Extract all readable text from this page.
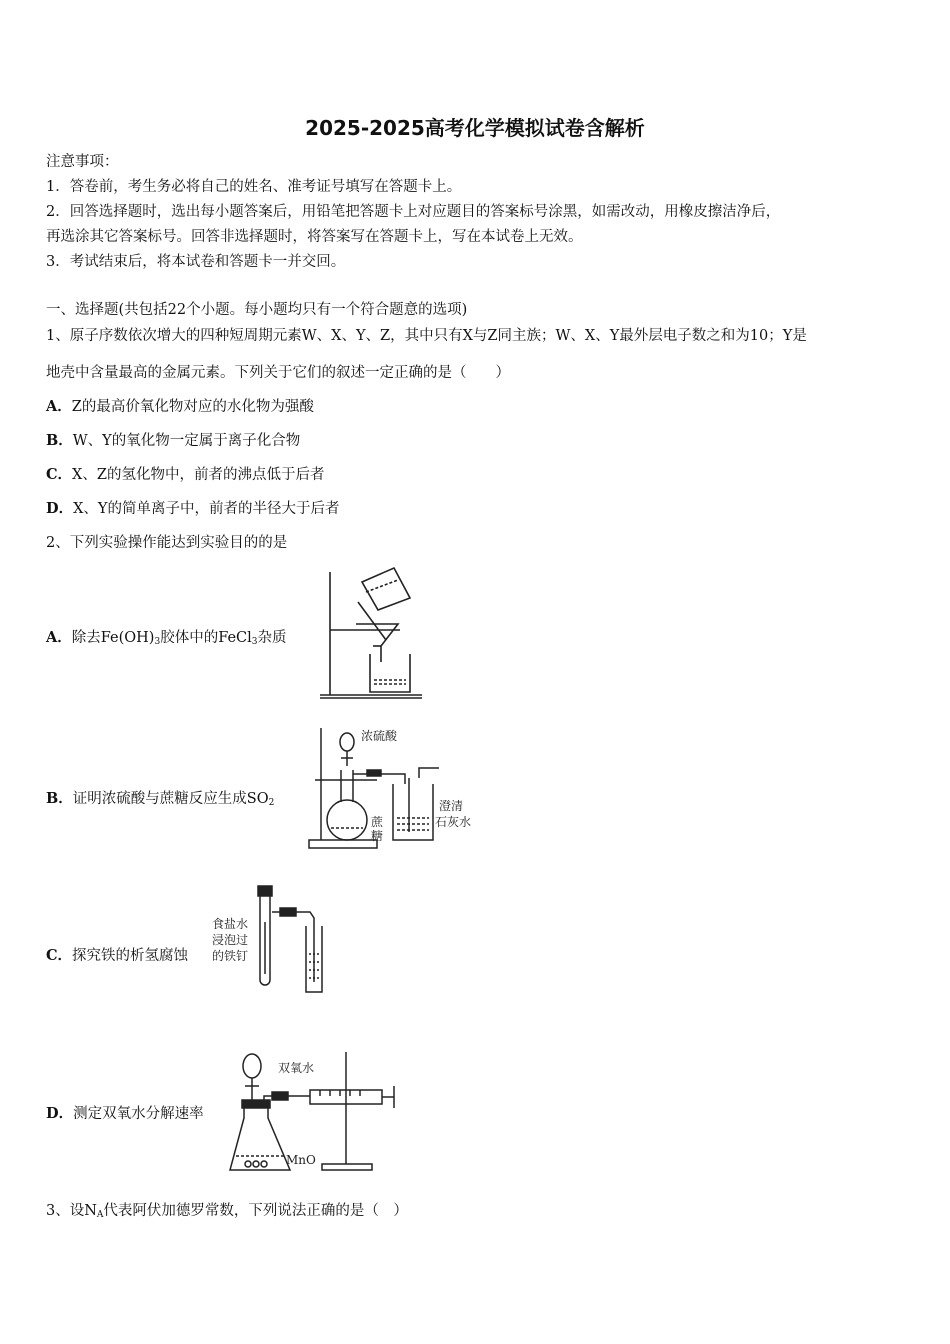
2025-2025高考化学模拟试卷含解析
注意事项：
1．答卷前，考生务必将自己的姓名、准考证号填写在答题卡上。
2．回答选择题时，选出每小题答案后，用铅笔把答题卡上对应题目的答案标号涂黑，如需改动，用橡皮擦洁净后，
再选涂其它答案标号。回答非选择题时，将答案写在答题卡上，写在本试卷上无效。
3．考试结束后，将本试卷和答题卡一并交回。
一、选择题(共包括22个小题。每小题均只有一个符合题意的选项)
1、原子序数依次增大的四种短周期元素W、X、Y、Z，其中只有X与Z同主族；W、X、Y最外层电子数之和为10；Y是
地壳中含量最高的金属元素。下列关于它们的叙述一定正确的是（　　）
A．Z的最高价氧化物对应的水化物为强酸
B．W、Y的氧化物一定属于离子化合物
C．X、Z的氢化物中，前者的沸点低于后者
D．X、Y的简单离子中，前者的半径大于后者
2、下列实验操作能达到实验目的的是
A．除去$Fe(OH)_3$胶体中的FeCl$_3$杂质
B．证明浓硫酸与蔗糖反应生成$SO_2$
浓硫酸
蔗
糖
澄清
石灰水
C．探究铁的析氢腐蚀
食盐水
浸泡过
的铁钉
D．测定双氧水分解速率
双氧水
MnO
3、设$N_A$代表阿伏加德罗常数，下列说法正确的是（　）
